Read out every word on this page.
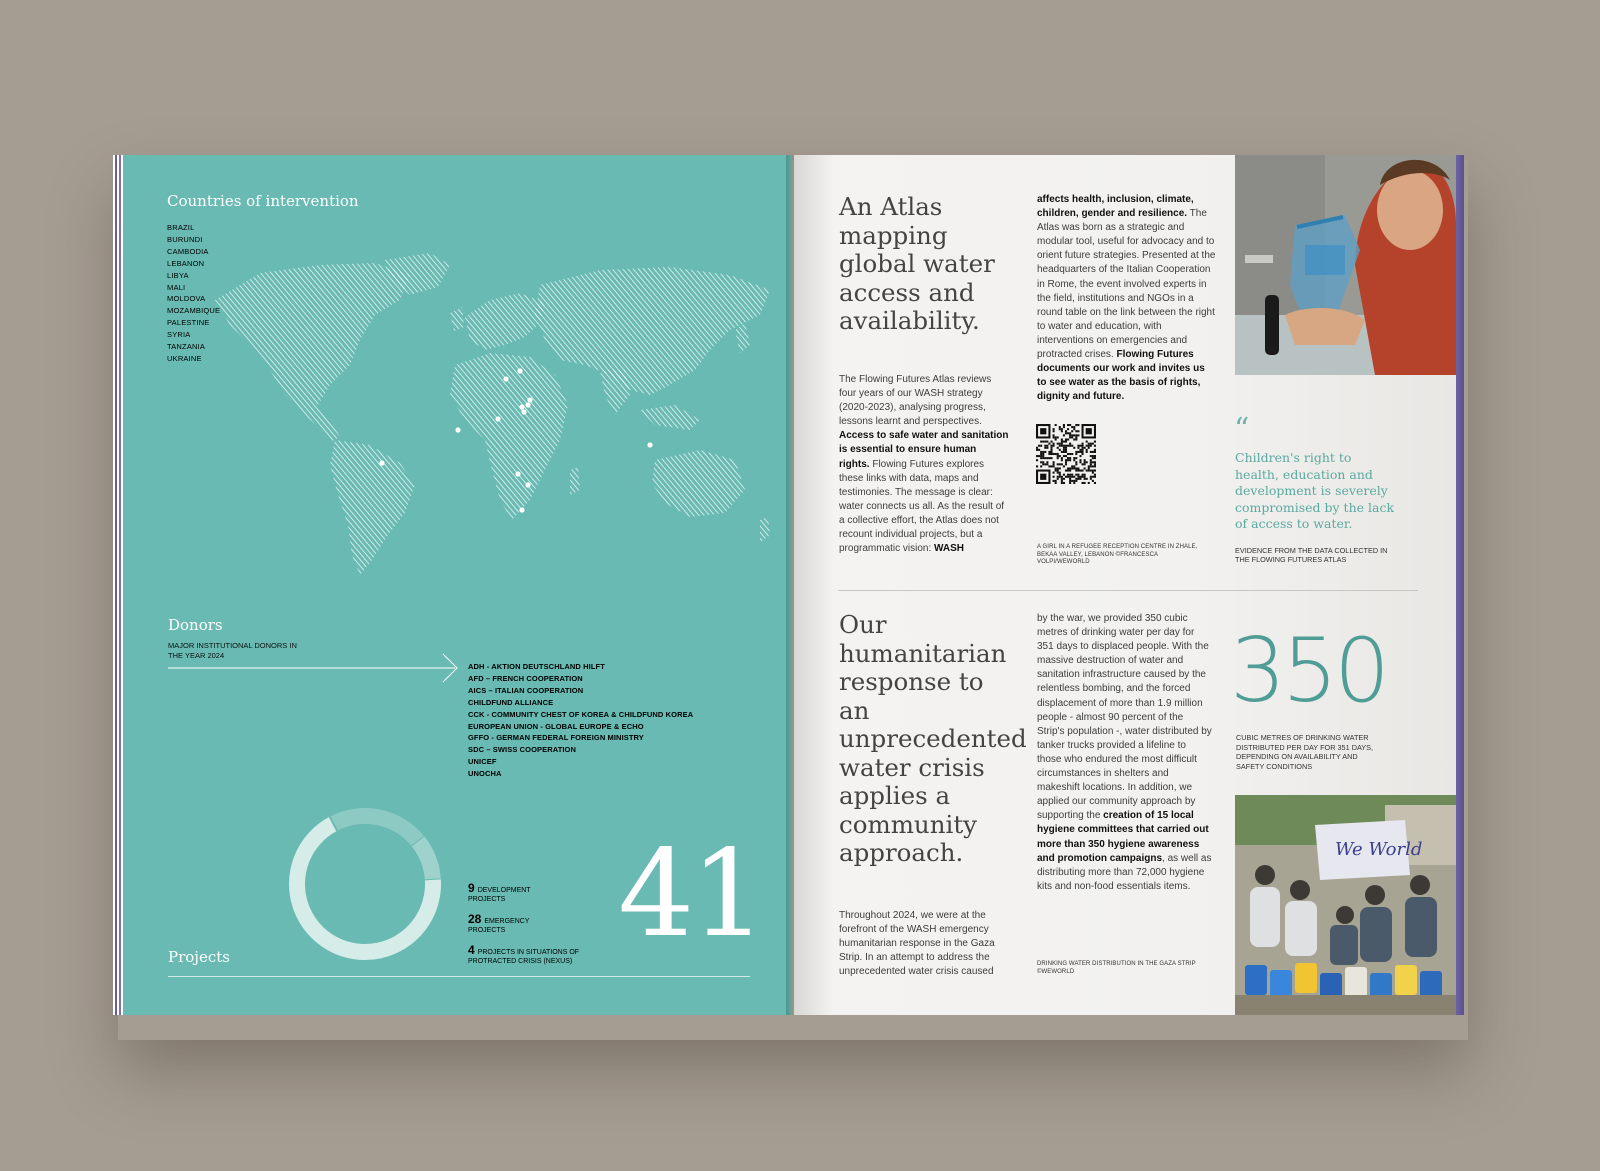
Countries of intervention
BRAZIL
BURUNDI
CAMBODIA
LEBANON
LIBYA
MALI
MOLDOVA
MOZAMBIQUE
PALESTINE
SYRIA
TANZANIA
UKRAINE
Donors
MAJOR INSTITUTIONAL DONORS IN THE YEAR 2024
ADH - AKTION DEUTSCHLAND HILFT
AFD – FRENCH COOPERATION
AICS – ITALIAN COOPERATION
CHILDFUND ALLIANCE
CCK - COMMUNITY CHEST OF KOREA & CHILDFUND KOREA
EUROPEAN UNION - GLOBAL EUROPE & ECHO
GFFO - GERMAN FEDERAL FOREIGN MINISTRY
SDC – SWISS COOPERATION
UNICEF
UNOCHA
9 DEVELOPMENT
PROJECTS
28 EMERGENCY
PROJECTS
4 PROJECTS IN SITUATIONS OF
PROTRACTED CRISIS (NEXUS) 41
Projects
An Atlas mapping global water access and availability.

The Flowing Futures Atlas reviews four years of our WASH strategy (2020-2023), analysing progress, lessons learnt and perspectives. Access to safe water and sanitation is essential to ensure human rights. Flowing Futures explores these links with data, maps and testimonies. The message is clear: water connects us all. As the result of a collective effort, the Atlas does not recount individual projects, but a programmatic vision: WASH

affects health, inclusion, climate, children, gender and resilience. The Atlas was born as a strategic and modular tool, useful for advocacy and to orient future strategies. Presented at the headquarters of the Italian Cooperation in Rome, the event involved experts in the field, institutions and NGOs in a round table on the link between the right to water and education, with interventions on emergencies and protracted crises. Flowing Futures documents our work and invites us to see water as the basis of rights, dignity and future.

A GIRL IN A REFUGEE RECEPTION CENTRE IN ZHALE, BEKAA VALLEY, LEBANON ©FRANCESCA VOLPI/WEWORLD
“
Children's right to health, education and development is severely compromised by the lack of access to water.
EVIDENCE FROM THE DATA COLLECTED IN THE FLOWING FUTURES ATLAS
Our humanitarian response to an unprecedented water crisis applies a community approach.

Throughout 2024, we were at the forefront of the WASH emergency humanitarian response in the Gaza Strip. In an attempt to address the unprecedented water crisis caused

by the war, we provided 350 cubic metres of drinking water per day for 351 days to displaced people. With the massive destruction of water and sanitation infrastructure caused by the relentless bombing, and the forced displacement of more than 1.9 million people - almost 90 percent of the Strip's population -, water distributed by tanker trucks provided a lifeline to those who endured the most difficult circumstances in shelters and makeshift locations. In addition, we applied our community approach by supporting the creation of 15 local hygiene committees that carried out more than 350 hygiene awareness and promotion campaigns, as well as distributing more than 72,000 hygiene kits and non-food essentials items.

DRINKING WATER DISTRIBUTION IN THE GAZA STRIP ©WEWORLD
350
CUBIC METRES OF DRINKING WATER DISTRIBUTED PER DAY FOR 351 DAYS, DEPENDING ON AVAILABILITY AND SAFETY CONDITIONS
We World
